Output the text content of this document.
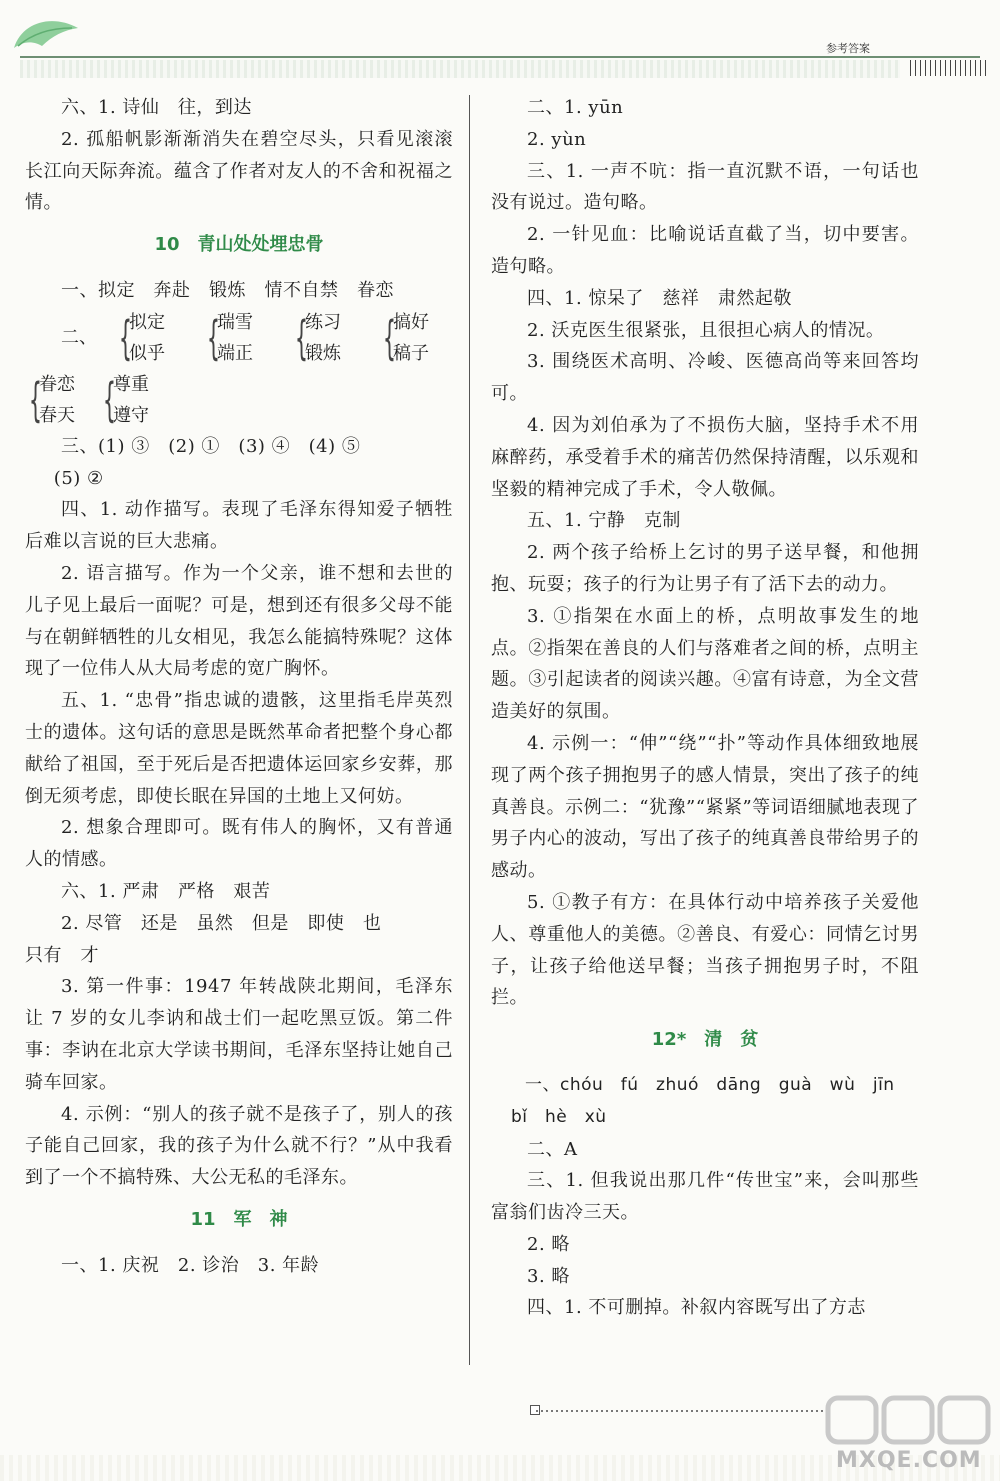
参考答案

六、1. 诗仙　往，到达

2. 孤船帆影渐渐消失在碧空尽头，只看见滚滚长江向天际奔流。蕴含了作者对友人的不舍和祝福之情。

10 青山处处埋忠骨

一、拟定　奔赴　锻炼　情不自禁　眷恋

二、 {
拟定
似乎 {
瑞雪
端正 {
练习
锻炼 {
搞好
稿子
{
眷恋
春天 {
尊重
遵守

三、(1) ③　(2) ①　(3) ④　(4) ⑤

(5) ②

四、1. 动作描写。表现了毛泽东得知爱子牺牲后难以言说的巨大悲痛。

2. 语言描写。作为一个父亲，谁不想和去世的儿子见上最后一面呢？可是，想到还有很多父母不能与在朝鲜牺牲的儿女相见，我怎么能搞特殊呢？这体现了一位伟人从大局考虑的宽广胸怀。

五、1. “忠骨”指忠诚的遗骸，这里指毛岸英烈士的遗体。这句话的意思是既然革命者把整个身心都献给了祖国，至于死后是否把遗体运回家乡安葬，那倒无须考虑，即使长眠在异国的土地上又何妨。

2. 想象合理即可。既有伟人的胸怀，又有普通人的情感。

六、1. 严肃　严格　艰苦

2. 尽管　还是　虽然　但是　即使　也

只有　才

3. 第一件事：1947 年转战陕北期间，毛泽东让 7 岁的女儿李讷和战士们一起吃黑豆饭。第二件事：李讷在北京大学读书期间，毛泽东坚持让她自己骑车回家。

4. 示例：“别人的孩子就不是孩子了，别人的孩子能自己回家，我的孩子为什么就不行？”从中我看到了一个不搞特殊、大公无私的毛泽东。

11 军　神

一、1. 庆祝　2. 诊治　3. 年龄

二、1. yūn

2. yùn

三、1. 一声不吭：指一直沉默不语，一句话也没有说过。造句略。

2. 一针见血：比喻说话直截了当，切中要害。造句略。

四、1. 惊呆了　慈祥　肃然起敬

2. 沃克医生很紧张，且很担心病人的情况。

3. 围绕医术高明、冷峻、医德高尚等来回答均可。

4. 因为刘伯承为了不损伤大脑，坚持手术不用麻醉药，承受着手术的痛苦仍然保持清醒，以乐观和坚毅的精神完成了手术，令人敬佩。

五、1. 宁静　克制

2. 两个孩子给桥上乞讨的男子送早餐，和他拥抱、玩耍；孩子的行为让男子有了活下去的动力。

3. ①指架在水面上的桥，点明故事发生的地点。②指架在善良的人们与落难者之间的桥，点明主题。③引起读者的阅读兴趣。④富有诗意，为全文营造美好的氛围。

4. 示例一：“伸”“绕”“扑”等动作具体细致地展现了两个孩子拥抱男子的感人情景，突出了孩子的纯真善良。示例二：“犹豫”“紧紧”等词语细腻地表现了男子内心的波动，写出了孩子的纯真善良带给男子的感动。

5. ①教子有方：在具体行动中培养孩子关爱他人、尊重他人的美德。②善良、有爱心：同情乞讨男子，让孩子给他送早餐；当孩子拥抱男子时，不阻拦。

12* 清　贫

一、chóu　fú　zhuó　dāng　guà　wù　jīn

bǐ　hè　xù

二、A

三、1. 但我说出那几件“传世宝”来，会叫那些富翁们齿冷三天。

2. 略

3. 略

四、1. 不可删掉。补叙内容既写出了方志

MXQE.COM
